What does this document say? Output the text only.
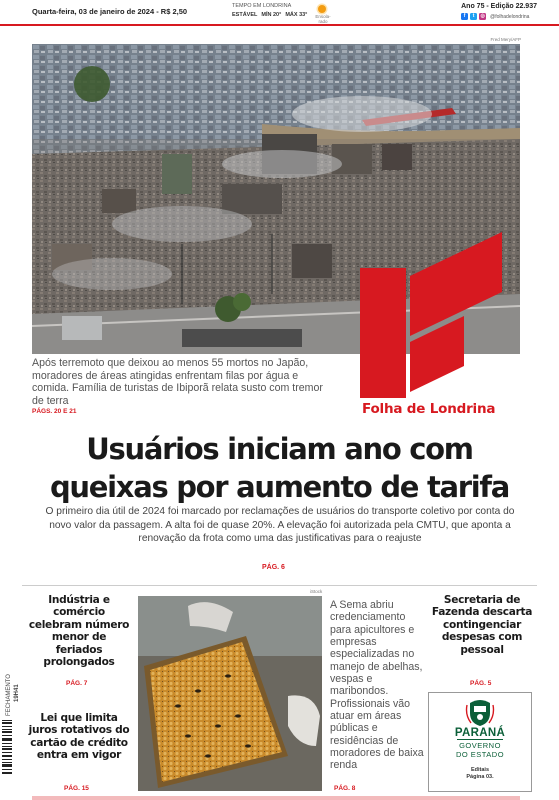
Quarta-feira, 03 de janeiro de 2024 - R$ 2,50
TEMPO EM LONDRINA
ESTÁVEL MÍN 20° MÁX 33°	Ensola-rado
Ano 75 - Edição 22.937
f	t	◎ @folhadelondrina
Fred Mery/AFP
Folha de Londrina

Após terremoto que deixou ao menos 55 mortos no Japão, moradores de áreas atingidas enfrentam filas por água e comida. Família de turistas de Ibiporã relata susto com tremor de terra

PÁGS. 20 E 21
Usuários iniciam ano com
queixas por aumento de tarifa

O primeiro dia útil de 2024 foi marcado por reclamações de usuários do transporte coletivo por conta do novo valor da passagem. A alta foi de quase 20%. A elevação foi autorizada pela CMTU, que aponta a renovação da frota como uma das justificativas para o reajuste

PÁG. 6
Indústria e comércio celebram número menor de feriados prolongados
PÁG. 7
Lei que limita juros rotativos do cartão de crédito entra em vigor
PÁG. 15
FECHAMENTO 19H41
iStock

A Sema abriu credenciamento para apicultores e empresas especializadas no manejo de abelhas, vespas e maribondos. Profissionais vão atuar em áreas públicas e residências de moradores de baixa renda

PÁG. 8
Secretaria de Fazenda descarta contingenciar despesas com pessoal
PÁG. 5
PARANÁ
GOVERNO
DO ESTADO
Editais
Página 03.
